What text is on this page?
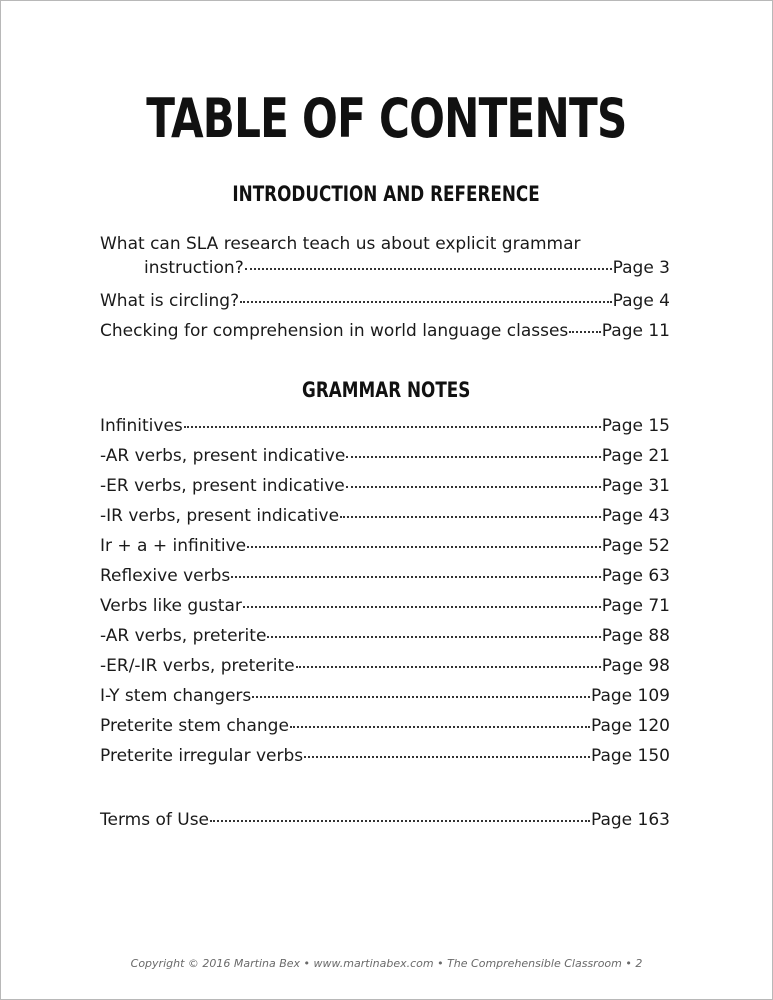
TABLE OF CONTENTS
INTRODUCTION AND REFERENCE
What can SLA research teach us about explicit grammar
instruction?	Page 3
What is circling?	Page 4
Checking for comprehension in world language classes Page 11
GRAMMAR NOTES
Infinitives	Page 15
-AR verbs, present indicative	Page 21
-ER verbs, present indicative	Page 31
-IR verbs, present indicative	Page 43
Ir + a + infinitive	Page 52
Reflexive verbs	Page 63
Verbs like gustar	Page 71
-AR verbs, preterite	Page 88
-ER/-IR verbs, preterite	Page 98
I-Y stem changers	Page 109
Preterite stem change	Page 120
Preterite irregular verbs	Page 150
Terms of Use	Page 163
Copyright © 2016 Martina Bex • www.martinabex.com • The Comprehensible Classroom • 2
